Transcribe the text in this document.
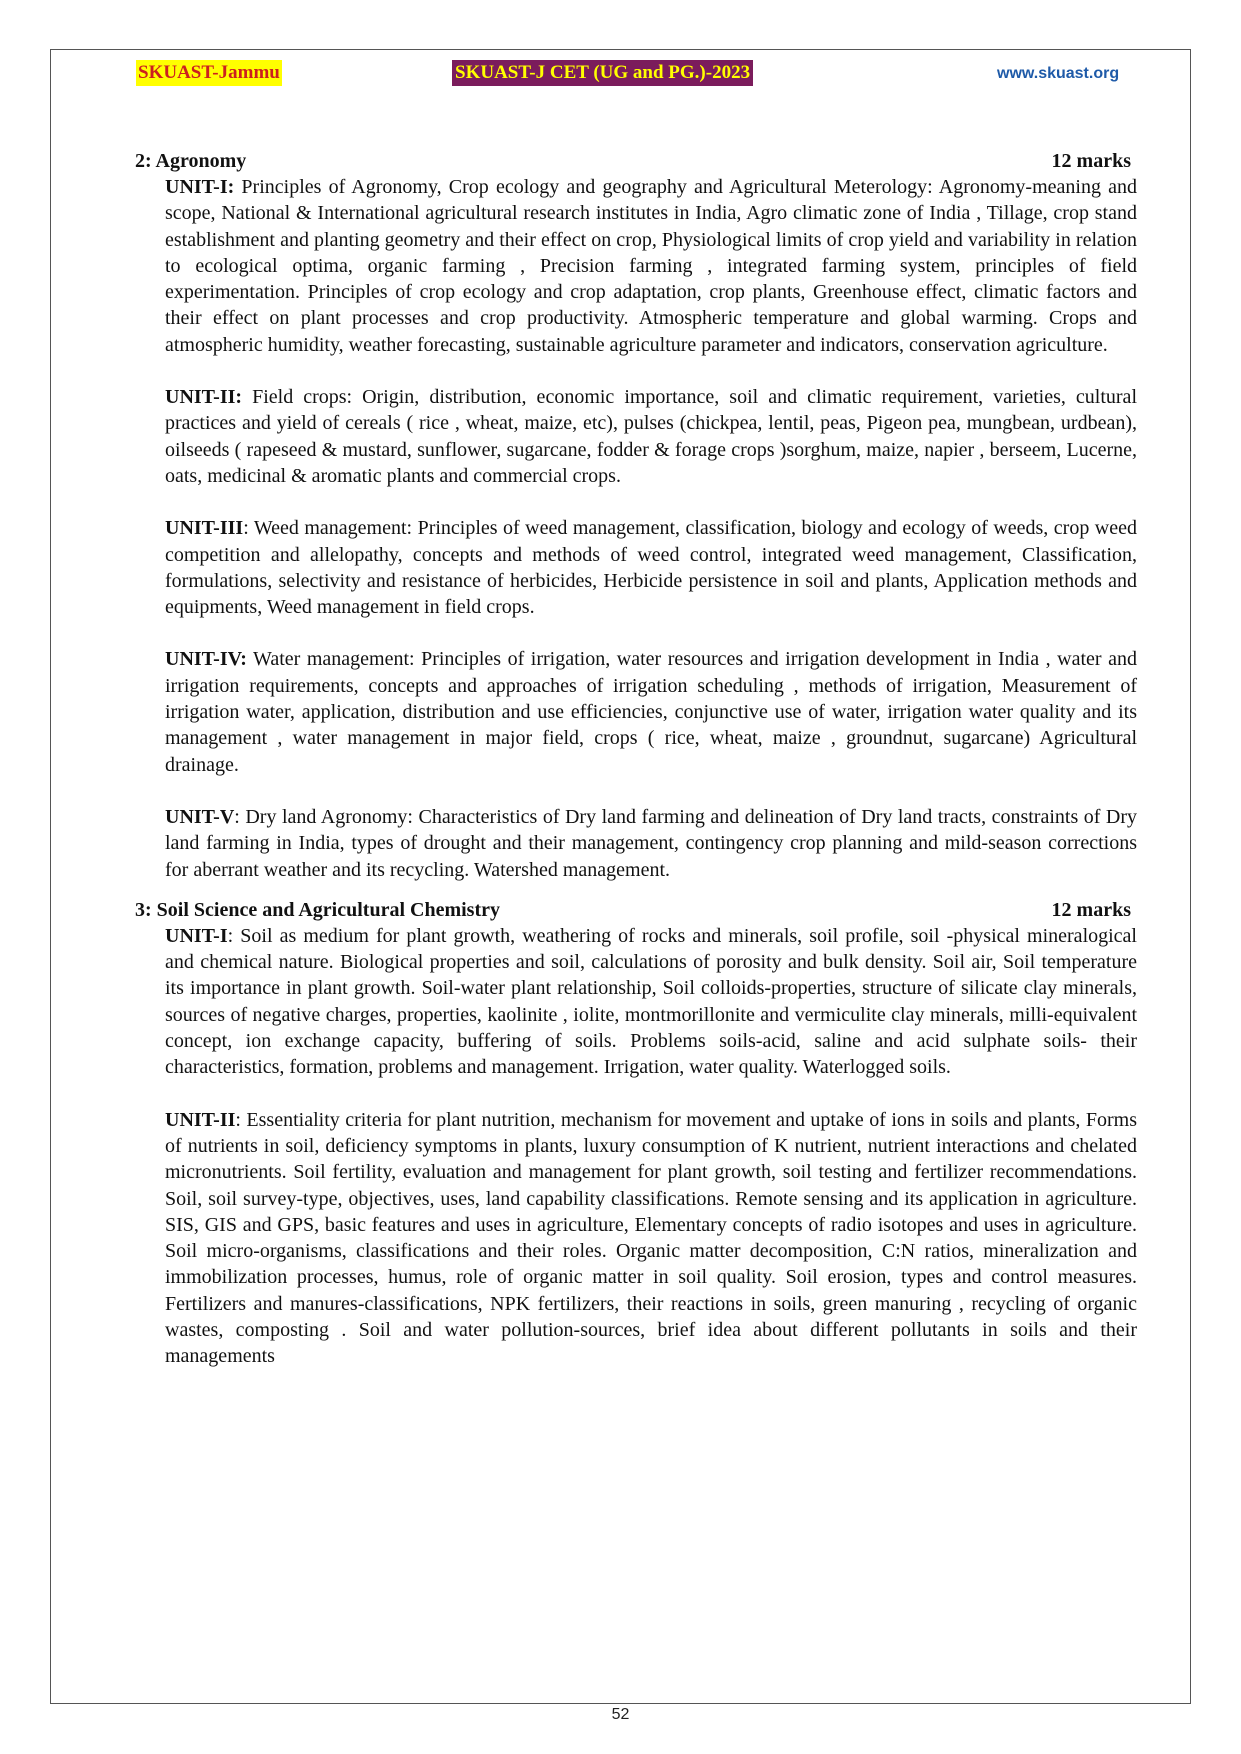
SKUAST-Jammu	SKUAST-J CET (UG and PG.)-2023	www.skuast.org
2: Agronomy	12 marks
UNIT-I: Principles of Agronomy, Crop ecology and geography and Agricultural Meterology: Agronomy-meaning and scope, National & International agricultural research institutes in India, Agro climatic zone of India , Tillage, crop stand establishment and planting geometry and their effect on crop, Physiological limits of crop yield and variability in relation to ecological optima, organic farming , Precision farming , integrated farming system, principles of field experimentation. Principles of crop ecology and crop adaptation, crop plants, Greenhouse effect, climatic factors and their effect on plant processes and crop productivity. Atmospheric temperature and global warming. Crops and atmospheric humidity, weather forecasting, sustainable agriculture parameter and indicators, conservation agriculture.
UNIT-II: Field crops: Origin, distribution, economic importance, soil and climatic requirement, varieties, cultural practices and yield of cereals ( rice , wheat, maize, etc), pulses (chickpea, lentil, peas, Pigeon pea, mungbean, urdbean), oilseeds ( rapeseed & mustard, sunflower, sugarcane, fodder & forage crops )sorghum, maize, napier , berseem, Lucerne, oats, medicinal & aromatic plants and commercial crops.
UNIT-III: Weed management: Principles of weed management, classification, biology and ecology of weeds, crop weed competition and allelopathy, concepts and methods of weed control, integrated weed management, Classification, formulations, selectivity and resistance of herbicides, Herbicide persistence in soil and plants, Application methods and equipments, Weed management in field crops.
UNIT-IV: Water management: Principles of irrigation, water resources and irrigation development in India , water and irrigation requirements, concepts and approaches of irrigation scheduling , methods of irrigation, Measurement of irrigation water, application, distribution and use efficiencies, conjunctive use of water, irrigation water quality and its management , water management in major field, crops ( rice, wheat, maize , groundnut, sugarcane) Agricultural drainage.
UNIT-V: Dry land Agronomy: Characteristics of Dry land farming and delineation of Dry land tracts, constraints of Dry land farming in India, types of drought and their management, contingency crop planning and mild-season corrections for aberrant weather and its recycling. Watershed management.
3: Soil Science and Agricultural Chemistry	12 marks
UNIT-I: Soil as medium for plant growth, weathering of rocks and minerals, soil profile, soil -physical mineralogical and chemical nature. Biological properties and soil, calculations of porosity and bulk density. Soil air, Soil temperature its importance in plant growth. Soil-water plant relationship, Soil colloids-properties, structure of silicate clay minerals, sources of negative charges, properties, kaolinite , iolite, montmorillonite and vermiculite clay minerals, milli-equivalent concept, ion exchange capacity, buffering of soils. Problems soils-acid, saline and acid sulphate soils- their characteristics, formation, problems and management. Irrigation, water quality. Waterlogged soils.
UNIT-II: Essentiality criteria for plant nutrition, mechanism for movement and uptake of ions in soils and plants, Forms of nutrients in soil, deficiency symptoms in plants, luxury consumption of K nutrient, nutrient interactions and chelated micronutrients. Soil fertility, evaluation and management for plant growth, soil testing and fertilizer recommendations. Soil, soil survey-type, objectives, uses, land capability classifications. Remote sensing and its application in agriculture. SIS, GIS and GPS, basic features and uses in agriculture, Elementary concepts of radio isotopes and uses in agriculture. Soil micro-organisms, classifications and their roles. Organic matter decomposition, C:N ratios, mineralization and immobilization processes, humus, role of organic matter in soil quality. Soil erosion, types and control measures. Fertilizers and manures-classifications, NPK fertilizers, their reactions in soils, green manuring , recycling of organic wastes, composting . Soil and water pollution-sources, brief idea about different pollutants in soils and their managements
52
